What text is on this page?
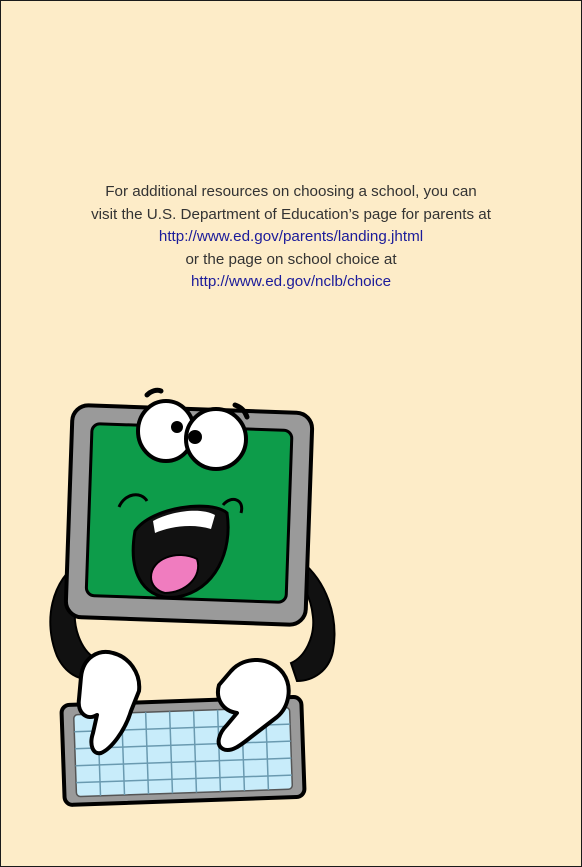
For additional resources on choosing a school, you can
visit the U.S. Department of Education’s page for parents at
http://www.ed.gov/parents/landing.jhtml
or the page on school choice at
http://www.ed.gov/nclb/choice
